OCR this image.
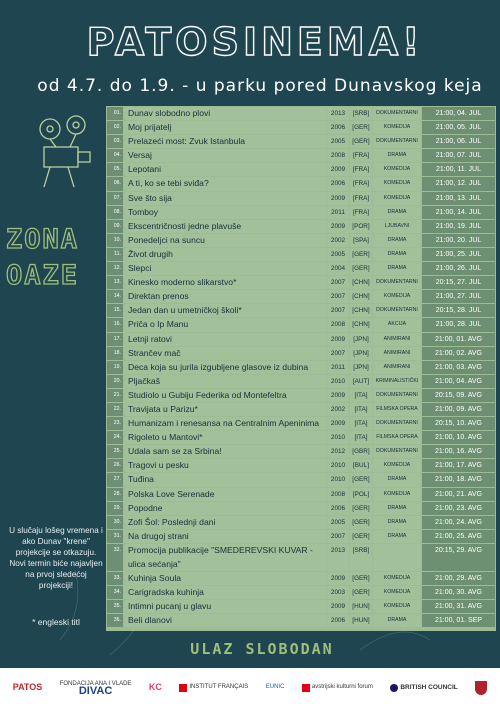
PATOSINEMA!
od 4.7. do 1.9. - u parku pored Dunavskog keja
ZONA
OAZE
01. Dunav slobodno plovi	2013	[SRB]	DOKUMENTARNI	21:00, 04. JUL
02. Moj prijatelj	2006	[GER]	KOMEDIJA	21:00, 05. JUL
03. Prelazeći most: Zvuk Istanbula	2005	[GER]	DOKUMENTARNI	21:00, 06. JUL
04. Versaj	2008	[FRA]	DRAMA	21:00, 07. JUL
05. Lepotani	2009	[FRA]	KOMEDIJA	21:00, 11. JUL
06. A ti, ko se tebi sviđa?	2006	[FRA]	KOMEDIJA	21:00, 12. JUL
07. Sve što sija	2009	[FRA]	KOMEDIJA	21:00, 13. JUL
08. Tomboy	2011	[FRA]	DRAMA	21:00, 14. JUL
09. Ekscentričnosti jedne plavuše	2009	[POR]	LJUBAVNI	21:00, 19. JUL
10. Ponedeljci na suncu	2002	[SPA]	DRAMA	21:00, 20. JUL
11. Život drugih	2005	[GER]	DRAMA	21:00, 25. JUL
12. Slepci	2004	[GER]	DRAMA	21:00, 26. JUL
13. Kinesko moderno slikarstvo*	2007	[CHN]	DOKUMENTARNI	20:15, 27. JUL
14. Direktan prenos	2007	[CHN]	KOMEDIJA	21:00, 27. JUL
15. Jedan dan u umetničkoj školi*	2007	[CHN]	DOKUMENTARNI	20:15, 28. JUL
16. Priča o Ip Manu	2008	[CHN]	AKCIJA	21:00, 28. JUL
17. Letnji ratovi	2009	[JPN]	ANIMIRANI	21:00, 01. AVG
18. Strančev mač	2007	[JPN]	ANIMIRANI	21:00, 02. AVG
19. Deca koja su jurila izgubljene glasove iz dubina	2011	[JPN]	ANIMIRANI	21:00, 03. AVG
20. Pljačkaš	2010	[AUT]	KRIMINALISTIČKI	21:00, 04. AVG
21. Studiolo u Gubiju Federika od Montefeltra	2009	[ITA]	DOKUMENTARNI	20:15, 09. AVG
22. Travijata u Parizu*	2002	[ITA]	FILMSKA OPERA	21:00, 09. AVG
23. Humanizam i renesansa na Centralnim Apeninima	2009	[ITA]	DOKUMENTARNI	20:15, 10. AVG
24. Rigoleto u Mantovi*	2010	[ITA]	FILMSKA OPERA	21:00, 10. AVG
25. Udala sam se za Srbina!	2012	[GBR]	DOKUMENTARNI	21:00, 16. AVG
26. Tragovi u pesku	2010	[BUL]	KOMEDIJA	21:00, 17. AVG
27. Tuđina	2010	[GER]	DRAMA	21:00, 18. AVG
28. Polska Love Serenade	2008	[POL]	KOMEDIJA	21:00, 21. AVG
29. Popodne	2006	[GER]	DRAMA	21:00, 23. AVG
30. Zofi Šol: Poslednji dani	2005	[GER]	DRAMA	21:00, 24. AVG
31. Na drugoj strani	2007	[GER]	DRAMA	21:00, 25. AVG
32. Promocija publikacije "SMEDEREVSKI KUVAR - ulica sećanja"
2013	[SRB]	20:15, 29. AVG
33. Kuhinja Soula	2009	[GER]	KOMEDIJA	21:00, 29. AVG
34. Carigradska kuhinja	2003	[GER]	KOMEDIJA	21:00, 30. AVG
35. Intimni pucanj u glavu	2009	[HUN]	KOMEDIJA	21:00, 31. AVG
36. Beli dlanovi	2006	[HUN]	DRAMA	21:00, 01. SEP
U slučaju lošeg vremena i ako Dunav "krene" projekcije se otkazuju. Novi termin biće najavljen na prvoj sledećoj projekciji!
* engleski titl
ULAZ SLOBODAN
PATOS	FONDACIJA ANA I VLADE
DIVAC	KC	INSTITUT FRANÇAIS	EUNIC	avstrijski kulturni forum	BRITISH COUNCIL
